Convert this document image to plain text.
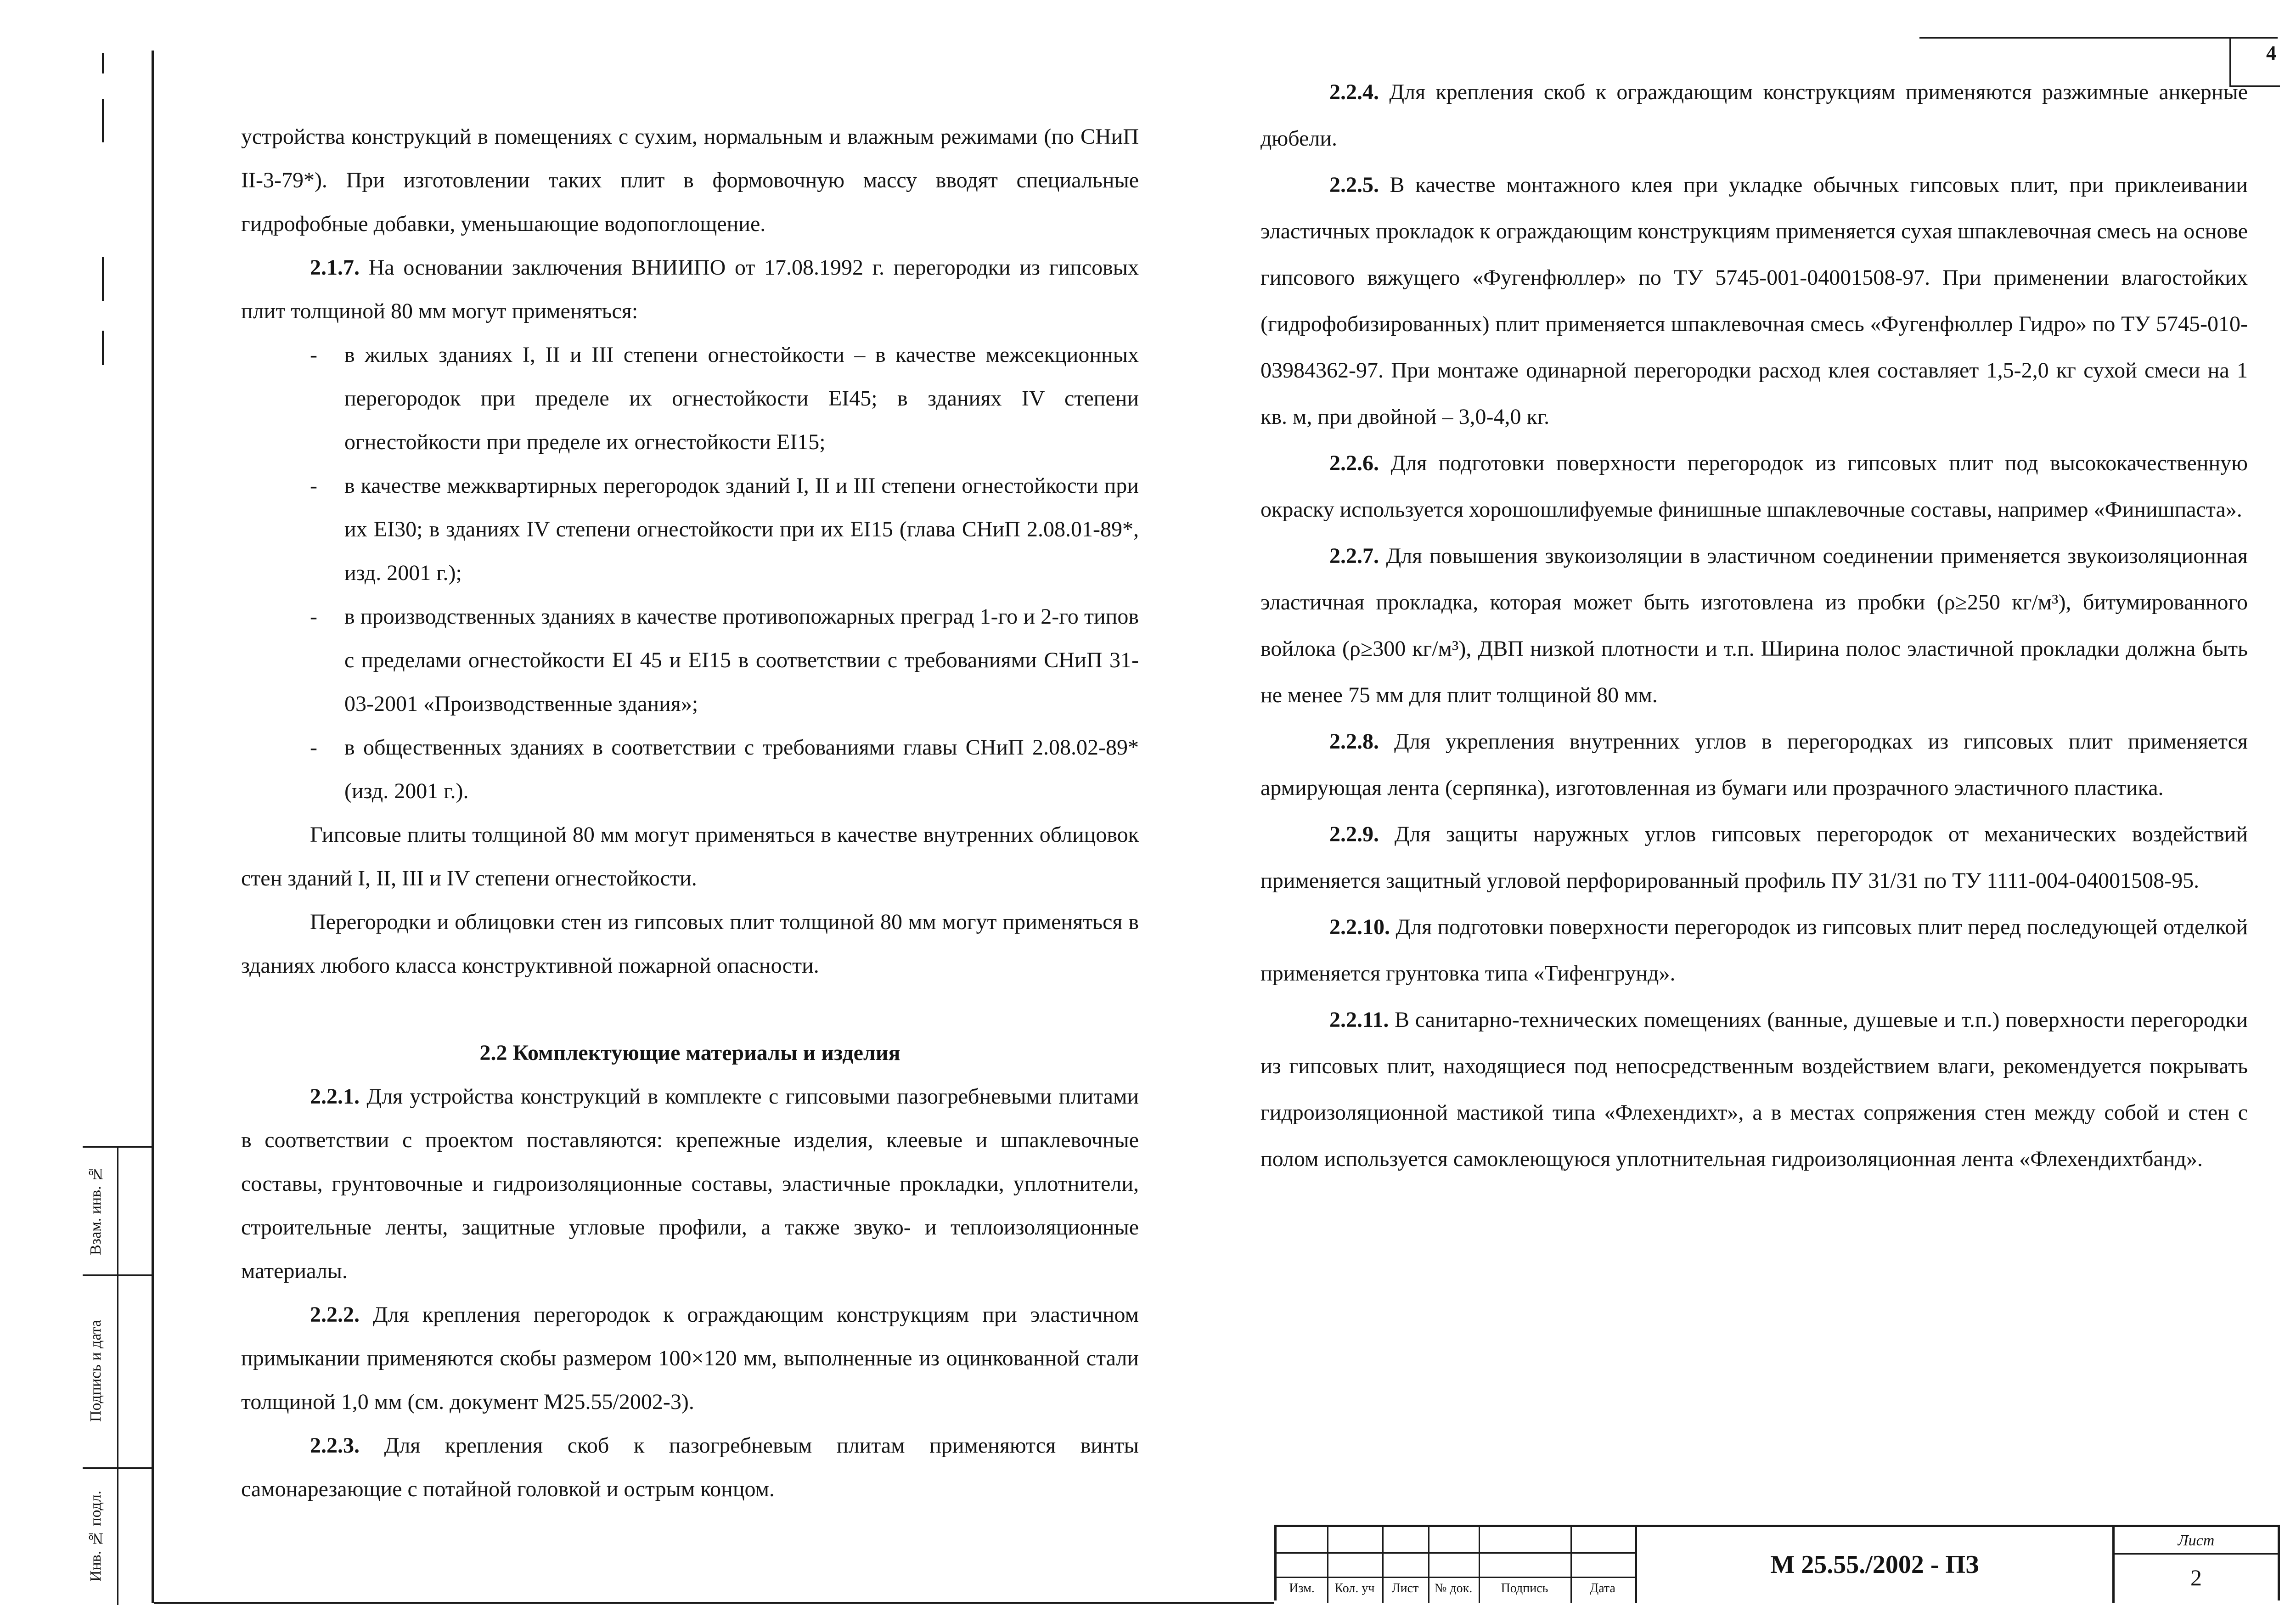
Взам. инв. №
Подпись и дата
Инв. № подл.
4

устройства конструкций в помещениях с сухим, нормальным и влажным режимами (по СНиП II-3-79*). При изготовлении таких плит в формовочную массу вводят специальные гидрофобные добавки, уменьшающие водопоглощение.

2.1.7. На основании заключения ВНИИПО от 17.08.1992 г. перегородки из гипсовых плит толщиной 80 мм могут применяться:

- в жилых зданиях I, II и III степени огнестойкости – в качестве межсекционных перегородок при пределе их огнестойкости EI45; в зданиях IV степени огнестойкости при пределе их огнестойкости EI15;

- в качестве межквартирных перегородок зданий I, II и III степени огнестойкости при их EI30; в зданиях IV степени огнестойкости при их EI15 (глава СНиП 2.08.01-89*, изд. 2001 г.);

- в производственных зданиях в качестве противопожарных преград 1-го и 2-го типов с пределами огнестойкости EI 45 и EI15 в соответствии с требованиями СНиП 31-03-2001 «Производственные здания»;

- в общественных зданиях в соответствии с требованиями главы СНиП 2.08.02-89* (изд. 2001 г.).

Гипсовые плиты толщиной 80 мм могут применяться в качестве внутренних облицовок стен зданий I, II, III и IV степени огнестойкости.

Перегородки и облицовки стен из гипсовых плит толщиной 80 мм могут применяться в зданиях любого класса конструктивной пожарной опасности.

2.2 Комплектующие материалы и изделия

2.2.1. Для устройства конструкций в комплекте с гипсовыми пазогребневыми плитами в соответствии с проектом поставляются: крепежные изделия, клеевые и шпаклевочные составы, грунтовочные и гидроизоляционные составы, эластичные прокладки, уплотнители, строительные ленты, защитные угловые профили, а также звуко- и теплоизоляционные материалы.

2.2.2. Для крепления перегородок к ограждающим конструкциям при эластичном примыкании применяются скобы размером 100×120 мм, выполненные из оцинкованной стали толщиной 1,0 мм (см. документ М25.55/2002-3).

2.2.3. Для крепления скоб к пазогребневым плитам применяются винты самонарезающие с потайной головкой и острым концом.

2.2.4. Для крепления скоб к ограждающим конструкциям применяются разжимные анкерные дюбели.

2.2.5. В качестве монтажного клея при укладке обычных гипсовых плит, при приклеивании эластичных прокладок к ограждающим конструкциям применяется сухая шпаклевочная смесь на основе гипсового вяжущего «Фугенфюллер» по ТУ 5745-001-04001508-97. При применении влагостойких (гидрофобизированных) плит применяется шпаклевочная смесь «Фугенфюллер Гидро» по ТУ 5745-010-03984362-97. При монтаже одинарной перегородки расход клея составляет 1,5-2,0 кг сухой смеси на 1 кв. м, при двойной – 3,0-4,0 кг.

2.2.6. Для подготовки поверхности перегородок из гипсовых плит под высококачественную окраску используется хорошошлифуемые финишные шпаклевочные составы, например «Финишпаста».

2.2.7. Для повышения звукоизоляции в эластичном соединении применяется звукоизоляционная эластичная прокладка, которая может быть изготовлена из пробки (ρ≥250 кг/м³), битумированного войлока (ρ≥300 кг/м³), ДВП низкой плотности и т.п. Ширина полос эластичной прокладки должна быть не менее 75 мм для плит толщиной 80 мм.

2.2.8. Для укрепления внутренних углов в перегородках из гипсовых плит применяется армирующая лента (серпянка), изготовленная из бумаги или прозрачного эластичного пластика.

2.2.9. Для защиты наружных углов гипсовых перегородок от механических воздействий применяется защитный угловой перфорированный профиль ПУ 31/31 по ТУ 1111-004-04001508-95.

2.2.10. Для подготовки поверхности перегородок из гипсовых плит перед последующей отделкой применяется грунтовка типа «Тифенгрунд».

2.2.11. В санитарно-технических помещениях (ванные, душевые и т.п.) поверхности перегородки из гипсовых плит, находящиеся под непосредственным воздействием влаги, рекомендуется покрывать гидроизоляционной мастикой типа «Флехендихт», а в местах сопряжения стен между собой и стен с полом используется самоклеющуюся уплотнительная гидроизоляционная лента «Флехендихтбанд».

Изм.	Кол. уч	Лист	№ док.	Подпись	Дата
М 25.55./2002 - ПЗ
Лист
2
